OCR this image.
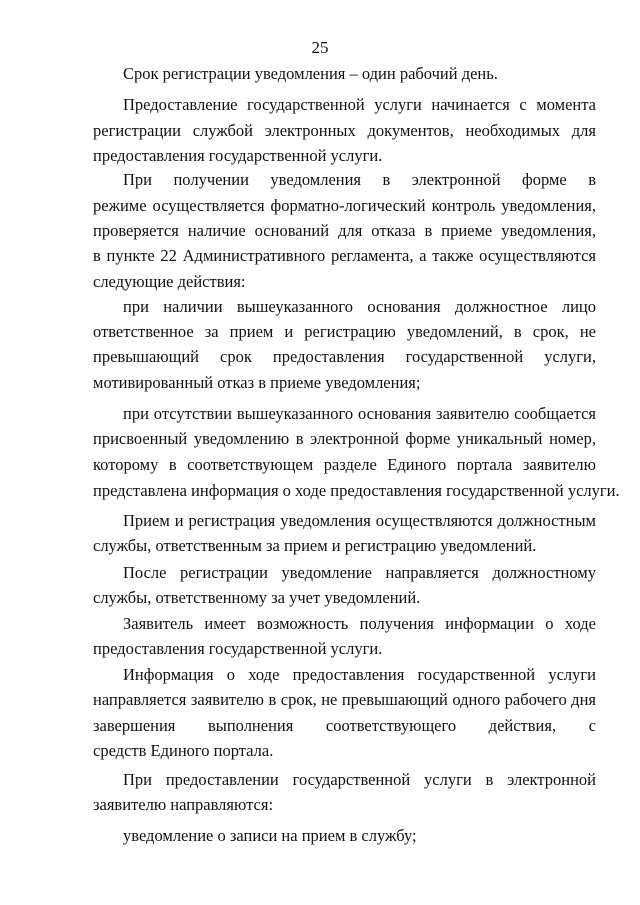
25
Срок регистрации уведомления – один рабочий день.
Предоставление государственной услуги начинается с момента
регистрации службой электронных документов, необходимых для
предоставления государственной услуги.
При получении уведомления в электронной форме в
режиме осуществляется форматно-логический контроль уведомления,
проверяется наличие оснований для отказа в приеме уведомления,
в пункте 22 Административного регламента, а также осуществляются
следующие действия:
при наличии вышеуказанного основания должностное лицо
ответственное за прием и регистрацию уведомлений, в срок, не
превышающий срок предоставления государственной услуги,
мотивированный отказ в приеме уведомления;
при отсутствии вышеуказанного основания заявителю сообщается
присвоенный уведомлению в электронной форме уникальный номер,
которому в соответствующем разделе Единого портала заявителю
представлена информация о ходе предоставления государственной услуги.
Прием и регистрация уведомления осуществляются должностным
службы, ответственным за прием и регистрацию уведомлений.
После регистрации уведомление направляется должностному
службы, ответственному за учет уведомлений.
Заявитель имеет возможность получения информации о ходе
предоставления государственной услуги.
Информация о ходе предоставления государственной услуги
направляется заявителю в срок, не превышающий одного рабочего дня
завершения выполнения соответствующего действия, с
средств Единого портала.
При предоставлении государственной услуги в электронной
заявителю направляются:
уведомление о записи на прием в службу;
